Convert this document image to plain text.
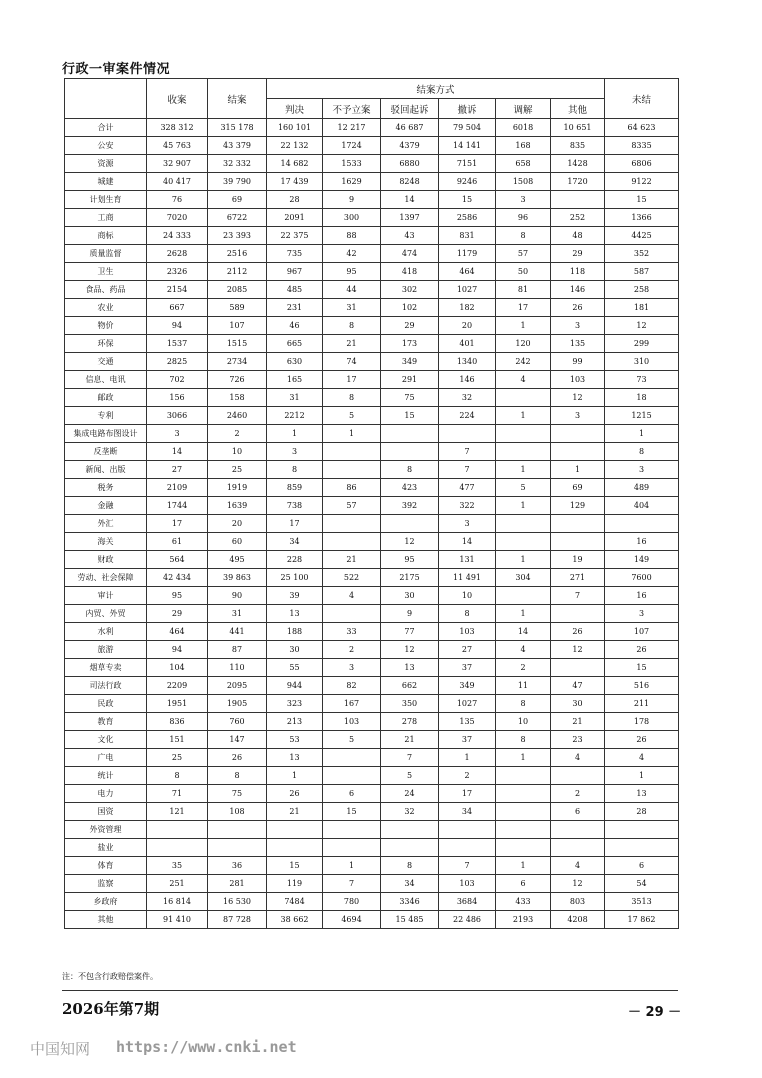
行政一审案件情况
	收案	结案	结案方式						未结
			判决	不予立案	驳回起诉	撤诉	调解	其他	
合计	328 312	315 178	160 101	12 217	46 687	79 504	6018	10 651	64 623
公安	45 763	43 379	22 132	1724	4379	14 141	168	835	8335
资源	32 907	32 332	14 682	1533	6880	7151	658	1428	6806
城建	40 417	39 790	17 439	1629	8248	9246	1508	1720	9122
计划生育	76	69	28	9	14	15	3		15
工商	7020	6722	2091	300	1397	2586	96	252	1366
商标	24 333	23 393	22 375	88	43	831	8	48	4425
质量监督	2628	2516	735	42	474	1179	57	29	352
卫生	2326	2112	967	95	418	464	50	118	587
食品、药品	2154	2085	485	44	302	1027	81	146	258
农业	667	589	231	31	102	182	17	26	181
物价	94	107	46	8	29	20	1	3	12
环保	1537	1515	665	21	173	401	120	135	299
交通	2825	2734	630	74	349	1340	242	99	310
信息、电讯	702	726	165	17	291	146	4	103	73
邮政	156	158	31	8	75	32		12	18
专利	3066	2460	2212	5	15	224	1	3	1215
集成电路布图设计	3	2	1	1					1
反垄断	14	10	3			7			8
新闻、出版	27	25	8		8	7	1	1	3
税务	2109	1919	859	86	423	477	5	69	489
金融	1744	1639	738	57	392	322	1	129	404
外汇	17	20	17			3			
海关	61	60	34		12	14			16
财政	564	495	228	21	95	131	1	19	149
劳动、社会保障	42 434	39 863	25 100	522	2175	11 491	304	271	7600
审计	95	90	39	4	30	10		7	16
内贸、外贸	29	31	13		9	8	1		3
水利	464	441	188	33	77	103	14	26	107
旅游	94	87	30	2	12	27	4	12	26
烟草专卖	104	110	55	3	13	37	2		15
司法行政	2209	2095	944	82	662	349	11	47	516
民政	1951	1905	323	167	350	1027	8	30	211
教育	836	760	213	103	278	135	10	21	178
文化	151	147	53	5	21	37	8	23	26
广电	25	26	13		7	1	1	4	4
统计	8	8	1		5	2			1
电力	71	75	26	6	24	17		2	13
国资	121	108	21	15	32	34		6	28
外资管理									
盐业									
体育	35	36	15	1	8	7	1	4	6
监察	251	281	119	7	34	103	6	12	54
乡政府	16 814	16 530	7484	780	3346	3684	433	803	3513
其他	91 410	87 728	38 662	4694	15 485	22 486	2193	4208	17 862
注：不包含行政赔偿案件。
2026年第7期	－ 29 －
中国知网 https://www.cnki.net
